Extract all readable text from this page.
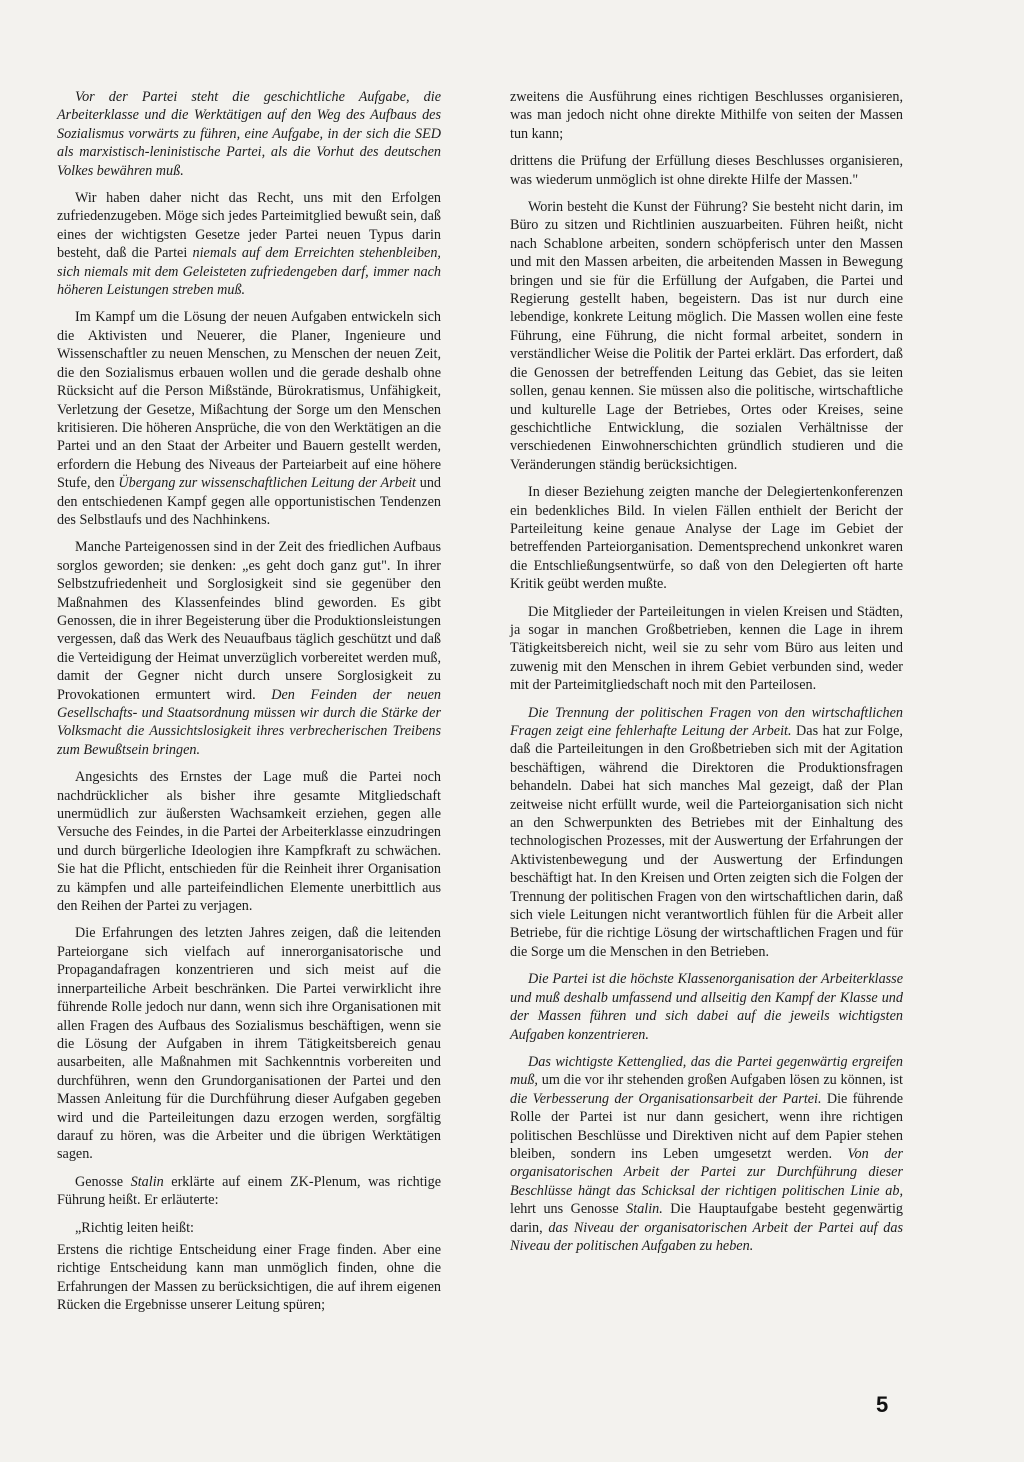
Vor der Partei steht die geschichtliche Aufgabe, die Arbeiterklasse und die Werktätigen auf den Weg des Aufbaus des Sozialismus vorwärts zu führen, eine Aufgabe, in der sich die SED als marxistisch-leninistische Partei, als die Vorhut des deutschen Volkes bewähren muß.

Wir haben daher nicht das Recht, uns mit den Erfolgen zufriedenzugeben. Möge sich jedes Parteimitglied bewußt sein, daß eines der wichtigsten Gesetze jeder Partei neuen Typus darin besteht, daß die Partei niemals auf dem Erreichten stehenbleiben, sich niemals mit dem Geleisteten zufriedengeben darf, immer nach höheren Leistungen streben muß.

Im Kampf um die Lösung der neuen Aufgaben entwickeln sich die Aktivisten und Neuerer, die Planer, Ingenieure und Wissenschaftler zu neuen Menschen, zu Menschen der neuen Zeit, die den Sozialismus erbauen wollen und die gerade deshalb ohne Rücksicht auf die Person Mißstände, Bürokratismus, Unfähigkeit, Verletzung der Gesetze, Mißachtung der Sorge um den Menschen kritisieren. Die höheren Ansprüche, die von den Werktätigen an die Partei und an den Staat der Arbeiter und Bauern gestellt werden, erfordern die Hebung des Niveaus der Parteiarbeit auf eine höhere Stufe, den Übergang zur wissenschaftlichen Leitung der Arbeit und den entschiedenen Kampf gegen alle opportunistischen Tendenzen des Selbstlaufs und des Nachhinkens.

Manche Parteigenossen sind in der Zeit des friedlichen Aufbaus sorglos geworden; sie denken: „es geht doch ganz gut". In ihrer Selbstzufriedenheit und Sorglosigkeit sind sie gegenüber den Maßnahmen des Klassenfeindes blind geworden. Es gibt Genossen, die in ihrer Begeisterung über die Produktionsleistungen vergessen, daß das Werk des Neuaufbaus täglich geschützt und daß die Verteidigung der Heimat unverzüglich vorbereitet werden muß, damit der Gegner nicht durch unsere Sorglosigkeit zu Provokationen ermuntert wird. Den Feinden der neuen Gesellschafts- und Staatsordnung müssen wir durch die Stärke der Volksmacht die Aussichtslosigkeit ihres verbrecherischen Treibens zum Bewußtsein bringen.

Angesichts des Ernstes der Lage muß die Partei noch nachdrücklicher als bisher ihre gesamte Mitgliedschaft unermüdlich zur äußersten Wachsamkeit erziehen, gegen alle Versuche des Feindes, in die Partei der Arbeiterklasse einzudringen und durch bürgerliche Ideologien ihre Kampfkraft zu schwächen. Sie hat die Pflicht, entschieden für die Reinheit ihrer Organisation zu kämpfen und alle parteifeindlichen Elemente unerbittlich aus den Reihen der Partei zu verjagen.

Die Erfahrungen des letzten Jahres zeigen, daß die leitenden Parteiorgane sich vielfach auf innerorganisatorische und Propagandafragen konzentrieren und sich meist auf die innerparteiliche Arbeit beschränken. Die Partei verwirklicht ihre führende Rolle jedoch nur dann, wenn sich ihre Organisationen mit allen Fragen des Aufbaus des Sozialismus beschäftigen, wenn sie die Lösung der Aufgaben in ihrem Tätigkeitsbereich genau ausarbeiten, alle Maßnahmen mit Sachkenntnis vorbereiten und durchführen, wenn den Grundorganisationen der Partei und den Massen Anleitung für die Durchführung dieser Aufgaben gegeben wird und die Parteileitungen dazu erzogen werden, sorgfältig darauf zu hören, was die Arbeiter und die übrigen Werktätigen sagen.

Genosse Stalin erklärte auf einem ZK-Plenum, was richtige Führung heißt. Er erläuterte:

„Richtig leiten heißt:

Erstens die richtige Entscheidung einer Frage finden. Aber eine richtige Entscheidung kann man unmöglich finden, ohne die Erfahrungen der Massen zu berücksichtigen, die auf ihrem eigenen Rücken die Ergebnisse unserer Leitung spüren;

zweitens die Ausführung eines richtigen Beschlusses organisieren, was man jedoch nicht ohne direkte Mithilfe von seiten der Massen tun kann;

drittens die Prüfung der Erfüllung dieses Beschlusses organisieren, was wiederum unmöglich ist ohne direkte Hilfe der Massen."

Worin besteht die Kunst der Führung? Sie besteht nicht darin, im Büro zu sitzen und Richtlinien auszuarbeiten. Führen heißt, nicht nach Schablone arbeiten, sondern schöpferisch unter den Massen und mit den Massen arbeiten, die arbeitenden Massen in Bewegung bringen und sie für die Erfüllung der Aufgaben, die Partei und Regierung gestellt haben, begeistern. Das ist nur durch eine lebendige, konkrete Leitung möglich. Die Massen wollen eine feste Führung, eine Führung, die nicht formal arbeitet, sondern in verständlicher Weise die Politik der Partei erklärt. Das erfordert, daß die Genossen der betreffenden Leitung das Gebiet, das sie leiten sollen, genau kennen. Sie müssen also die politische, wirtschaftliche und kulturelle Lage der Betriebes, Ortes oder Kreises, seine geschichtliche Entwicklung, die sozialen Verhältnisse der verschiedenen Einwohnerschichten gründlich studieren und die Veränderungen ständig berücksichtigen.

In dieser Beziehung zeigten manche der Delegiertenkonferenzen ein bedenkliches Bild. In vielen Fällen enthielt der Bericht der Parteileitung keine genaue Analyse der Lage im Gebiet der betreffenden Parteiorganisation. Dementsprechend unkonkret waren die Entschließungsentwürfe, so daß von den Delegierten oft harte Kritik geübt werden mußte.

Die Mitglieder der Parteileitungen in vielen Kreisen und Städten, ja sogar in manchen Großbetrieben, kennen die Lage in ihrem Tätigkeitsbereich nicht, weil sie zu sehr vom Büro aus leiten und zuwenig mit den Menschen in ihrem Gebiet verbunden sind, weder mit der Parteimitgliedschaft noch mit den Parteilosen.

Die Trennung der politischen Fragen von den wirtschaftlichen Fragen zeigt eine fehlerhafte Leitung der Arbeit. Das hat zur Folge, daß die Parteileitungen in den Großbetrieben sich mit der Agitation beschäftigen, während die Direktoren die Produktionsfragen behandeln. Dabei hat sich manches Mal gezeigt, daß der Plan zeitweise nicht erfüllt wurde, weil die Parteiorganisation sich nicht an den Schwerpunkten des Betriebes mit der Einhaltung des technologischen Prozesses, mit der Auswertung der Erfahrungen der Aktivistenbewegung und der Auswertung der Erfindungen beschäftigt hat. In den Kreisen und Orten zeigten sich die Folgen der Trennung der politischen Fragen von den wirtschaftlichen darin, daß sich viele Leitungen nicht verantwortlich fühlen für die Arbeit aller Betriebe, für die richtige Lösung der wirtschaftlichen Fragen und für die Sorge um die Menschen in den Betrieben.

Die Partei ist die höchste Klassenorganisation der Arbeiterklasse und muß deshalb umfassend und allseitig den Kampf der Klasse und der Massen führen und sich dabei auf die jeweils wichtigsten Aufgaben konzentrieren.

Das wichtigste Kettenglied, das die Partei gegenwärtig ergreifen muß, um die vor ihr stehenden großen Aufgaben lösen zu können, ist die Verbesserung der Organisationsarbeit der Partei. Die führende Rolle der Partei ist nur dann gesichert, wenn ihre richtigen politischen Beschlüsse und Direktiven nicht auf dem Papier stehen bleiben, sondern ins Leben umgesetzt werden. Von der organisatorischen Arbeit der Partei zur Durchführung dieser Beschlüsse hängt das Schicksal der richtigen politischen Linie ab, lehrt uns Genosse Stalin. Die Hauptaufgabe besteht gegenwärtig darin, das Niveau der organisatorischen Arbeit der Partei auf das Niveau der politischen Aufgaben zu heben.

5
